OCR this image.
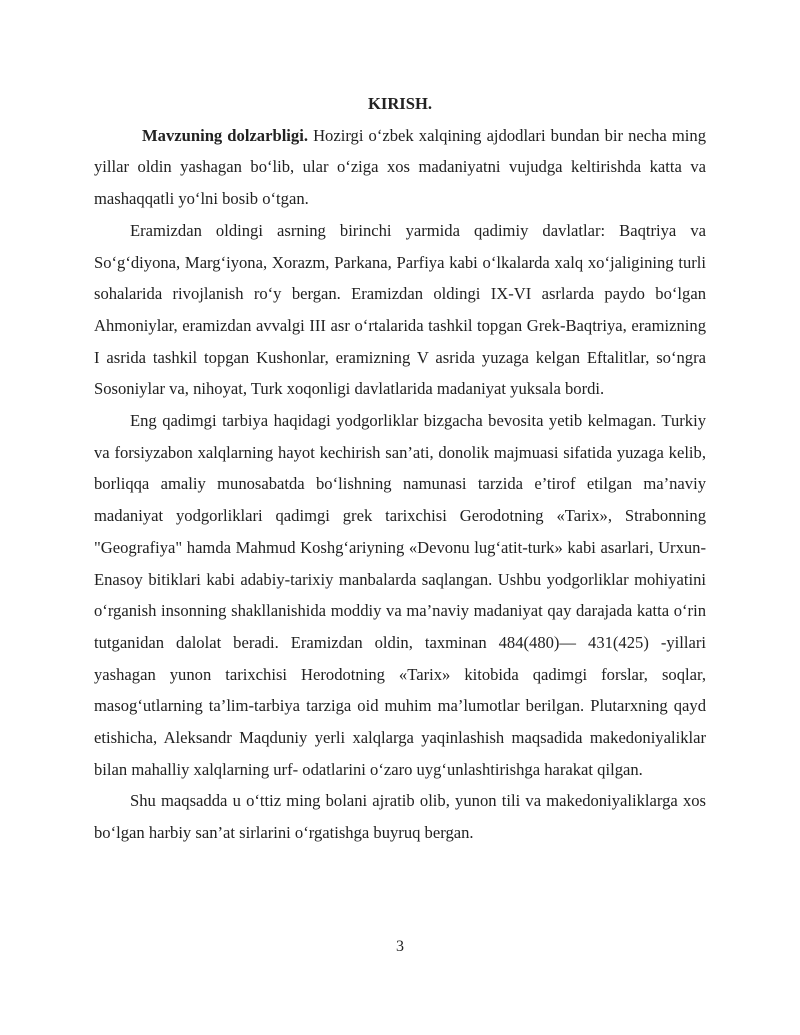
KIRISH.

Mavzuning dolzarbligi. Hozirgi o‘zbek xalqining ajdodlari bundan bir necha ming yillar oldin yashagan bo‘lib, ular o‘ziga xos madaniyatni vujudga keltirishda katta va mashaqqatli yo‘lni bosib o‘tgan.

Eramizdan oldingi asrning birinchi yarmida qadimiy davlatlar: Baqtriya va So‘g‘diyona, Marg‘iyona, Xorazm, Parkana, Parfiya kabi o‘lkalarda xalq xo‘jaligining turli sohalarida rivojlanish ro‘y bergan. Eramizdan oldingi IX-VI asrlarda paydo bo‘lgan Ahmoniylar, eramizdan avvalgi III asr o‘rtalarida tashkil topgan Grek-Baqtriya, eramizning I asrida tashkil topgan Kushonlar, eramizning V asrida yuzaga kelgan Eftalitlar, so‘ngra Sosoniylar va, nihoyat, Turk xoqonligi davlatlarida madaniyat yuksala bordi.

Eng qadimgi tarbiya haqidagi yodgorliklar bizgacha bevosita yetib kelmagan. Turkiy va forsiyzabon xalqlarning hayot kechirish san’ati, donolik majmuasi sifatida yuzaga kelib, borliqqa amaliy munosabatda bo‘lishning namunasi tarzida e’tirof etilgan ma’naviy madaniyat yodgorliklari qadimgi grek tarixchisi Gerodotning «Tarix», Strabonning "Geografiya" hamda Mahmud Koshg‘ariyning «Devonu lug‘atit-turk» kabi asarlari, Urxun-Enasoy bitiklari kabi adabiy-tarixiy manbalarda saqlangan. Ushbu yodgorliklar mohiyatini o‘rganish insonning shakllanishida moddiy va ma’naviy madaniyat qay darajada katta o‘rin tutganidan dalolat beradi. Eramizdan oldin, taxminan 484(480)— 431(425) -yillari yashagan yunon tarixchisi Herodotning «Tarix» kitobida qadimgi forslar, soqlar, masog‘utlarning ta’lim-tarbiya tarziga oid muhim ma’lumotlar berilgan. Plutarxning qayd etishicha, Aleksandr Maqduniy yerli xalqlarga yaqinlashish maqsadida makedoniyaliklar bilan mahalliy xalqlarning urf- odatlarini o‘zaro uyg‘unlashtirishga harakat qilgan.

Shu maqsadda u o‘ttiz ming bolani ajratib olib, yunon tili va makedoniyaliklarga xos bo‘lgan harbiy san’at sirlarini o‘rgatishga buyruq bergan.

3
